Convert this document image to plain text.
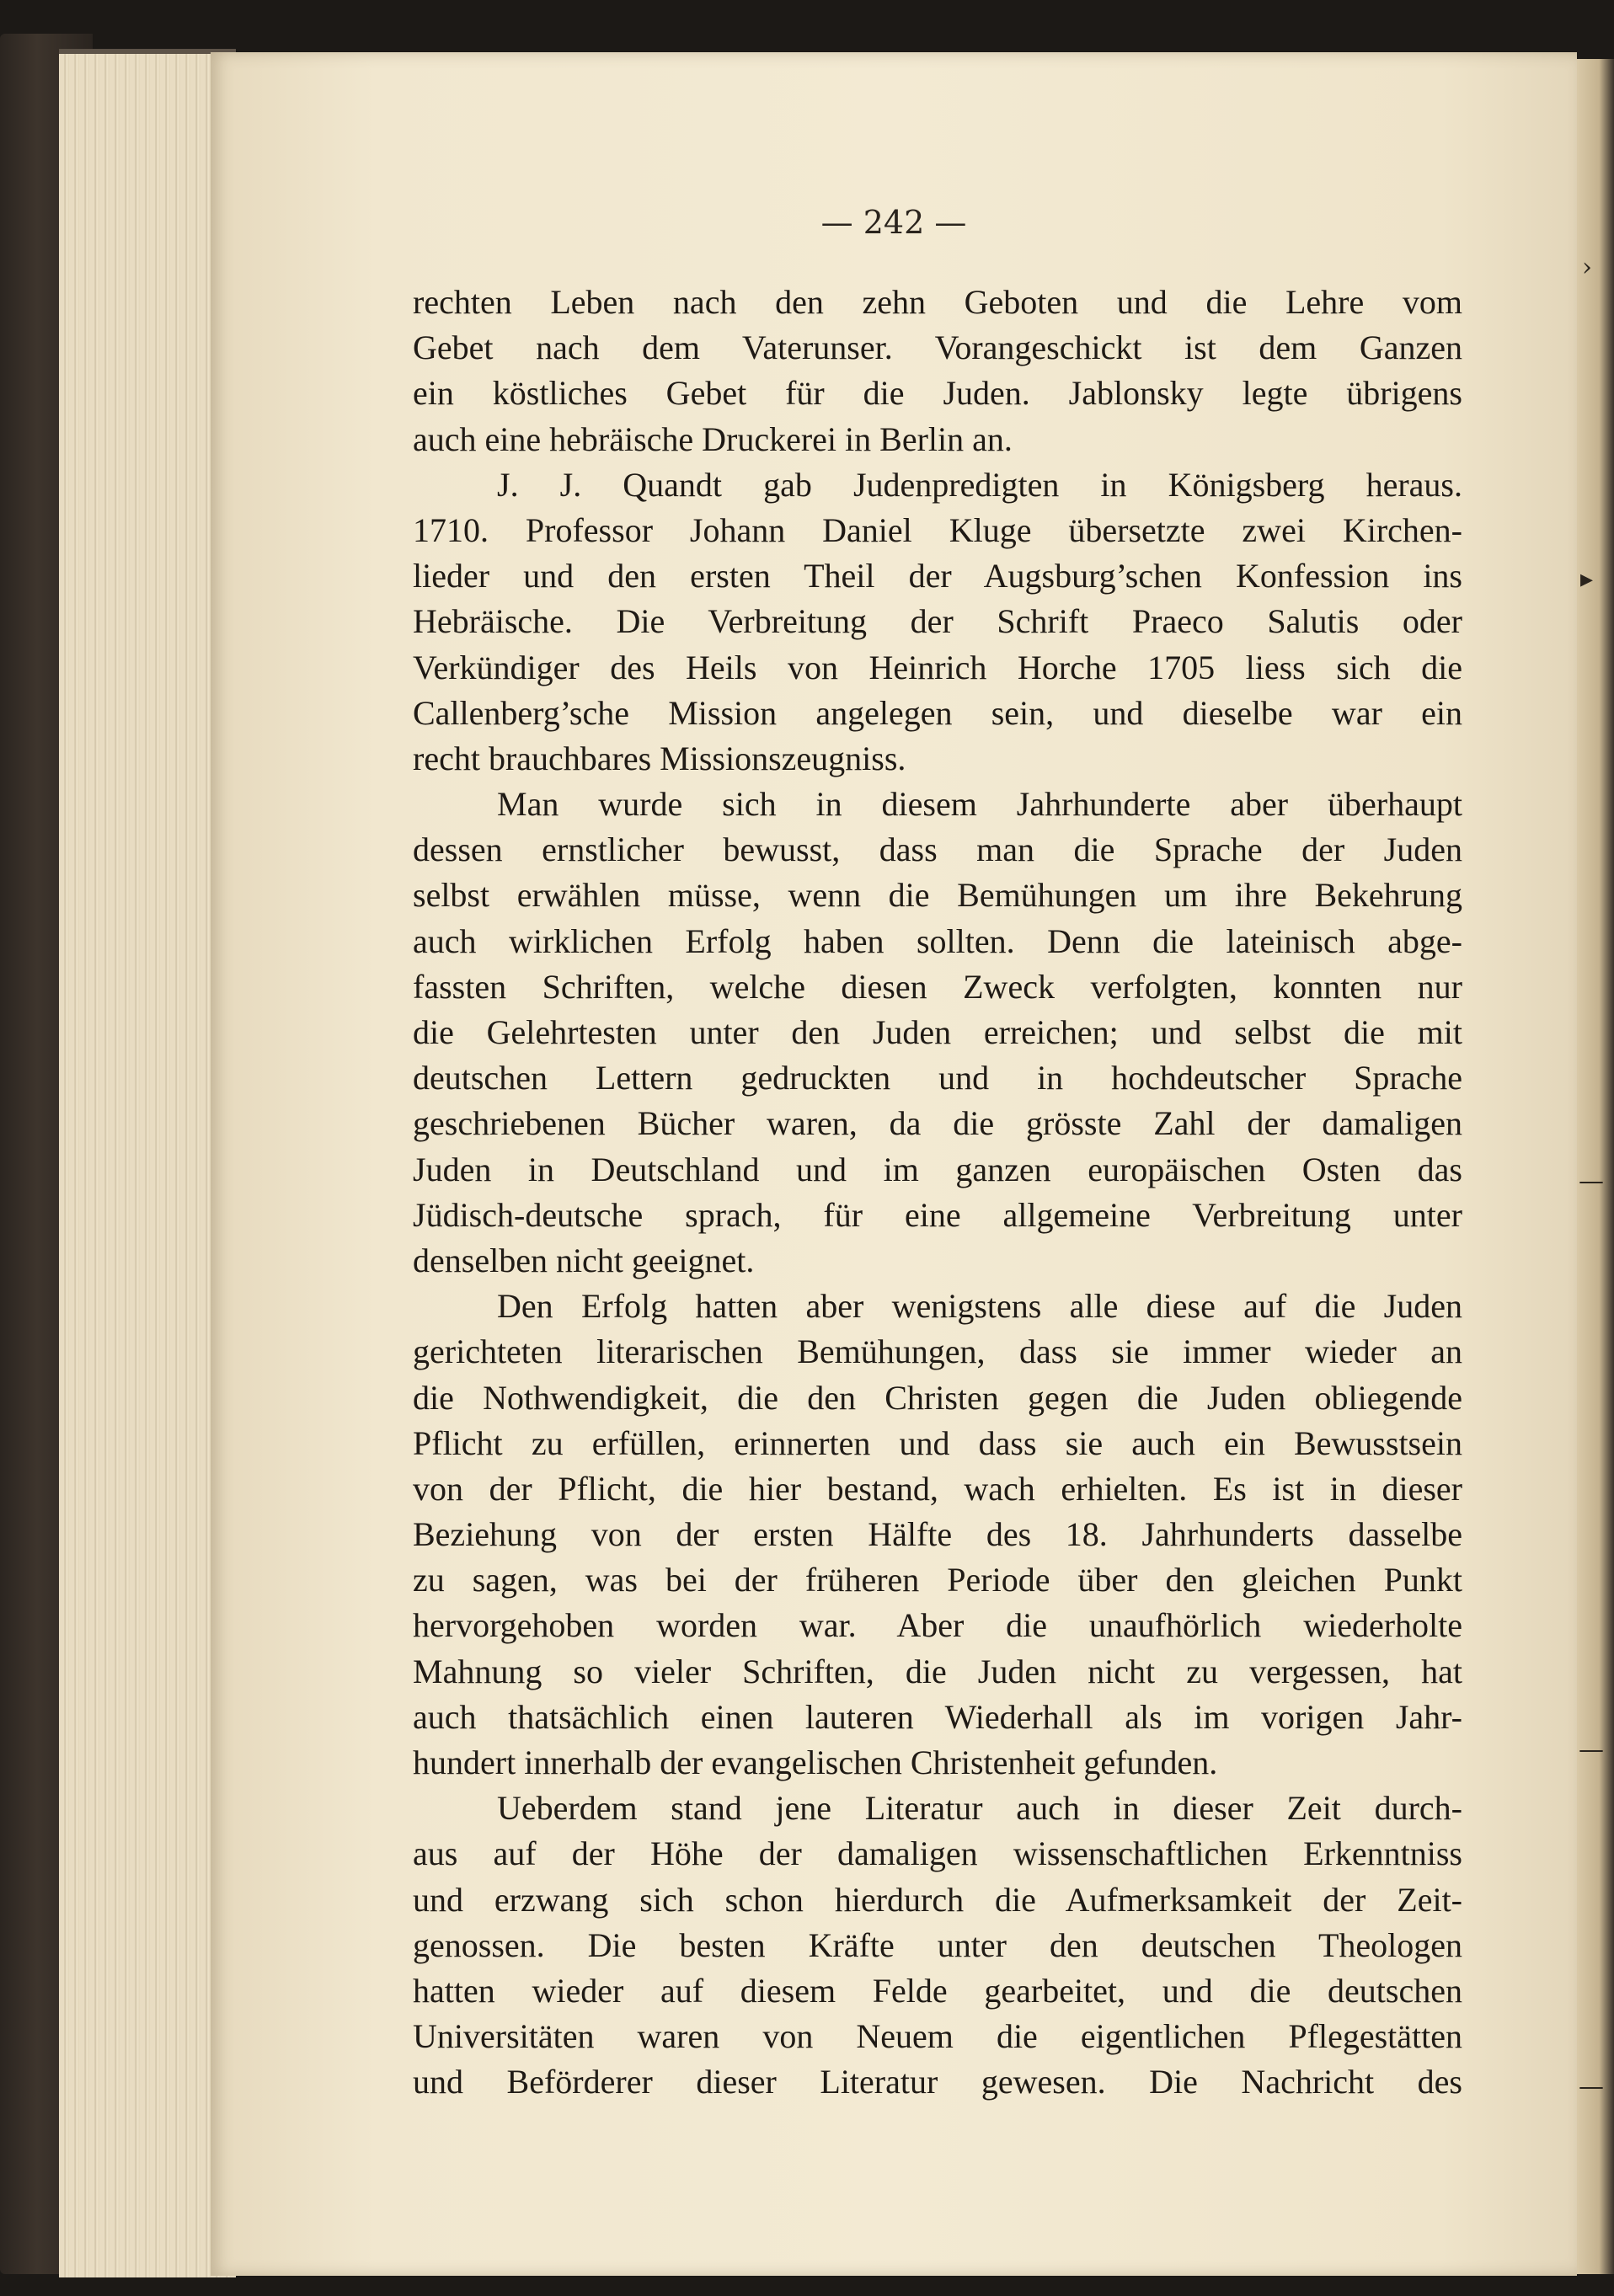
— 242 —
rechten Leben nach den zehn Geboten und die Lehre vom
Gebet nach dem Vaterunser. Vorangeschickt ist dem Ganzen
ein köstliches Gebet für die Juden. Jablonsky legte übrigens
auch eine hebräische Druckerei in Berlin an.
J. J. Quandt gab Judenpredigten in Königsberg heraus.
1710. Professor Johann Daniel Kluge übersetzte zwei Kirchen-
lieder und den ersten Theil der Augsburg’schen Konfession ins
Hebräische. Die Verbreitung der Schrift Praeco Salutis oder
Verkündiger des Heils von Heinrich Horche 1705 liess sich die
Callenberg’sche Mission angelegen sein, und dieselbe war ein
recht brauchbares Missionszeugniss.
Man wurde sich in diesem Jahrhunderte aber überhaupt
dessen ernstlicher bewusst, dass man die Sprache der Juden
selbst erwählen müsse, wenn die Bemühungen um ihre Bekehrung
auch wirklichen Erfolg haben sollten. Denn die lateinisch abge-
fassten Schriften, welche diesen Zweck verfolgten, konnten nur
die Gelehrtesten unter den Juden erreichen; und selbst die mit
deutschen Lettern gedruckten und in hochdeutscher Sprache
geschriebenen Bücher waren, da die grösste Zahl der damaligen
Juden in Deutschland und im ganzen europäischen Osten das
Jüdisch-deutsche sprach, für eine allgemeine Verbreitung unter
denselben nicht geeignet.
Den Erfolg hatten aber wenigstens alle diese auf die Juden
gerichteten literarischen Bemühungen, dass sie immer wieder an
die Nothwendigkeit, die den Christen gegen die Juden obliegende
Pflicht zu erfüllen, erinnerten und dass sie auch ein Bewusstsein
von der Pflicht, die hier bestand, wach erhielten. Es ist in dieser
Beziehung von der ersten Hälfte des 18. Jahrhunderts dasselbe
zu sagen, was bei der früheren Periode über den gleichen Punkt
hervorgehoben worden war. Aber die unaufhörlich wiederholte
Mahnung so vieler Schriften, die Juden nicht zu vergessen, hat
auch thatsächlich einen lauteren Wiederhall als im vorigen Jahr-
hundert innerhalb der evangelischen Christenheit gefunden.
Ueberdem stand jene Literatur auch in dieser Zeit durch-
aus auf der Höhe der damaligen wissenschaftlichen Erkenntniss
und erzwang sich schon hierdurch die Aufmerksamkeit der Zeit-
genossen. Die besten Kräfte unter den deutschen Theologen
hatten wieder auf diesem Felde gearbeitet, und die deutschen
Universitäten waren von Neuem die eigentlichen Pflegestätten
und Beförderer dieser Literatur gewesen. Die Nachricht des
›
▸
—
—
—
